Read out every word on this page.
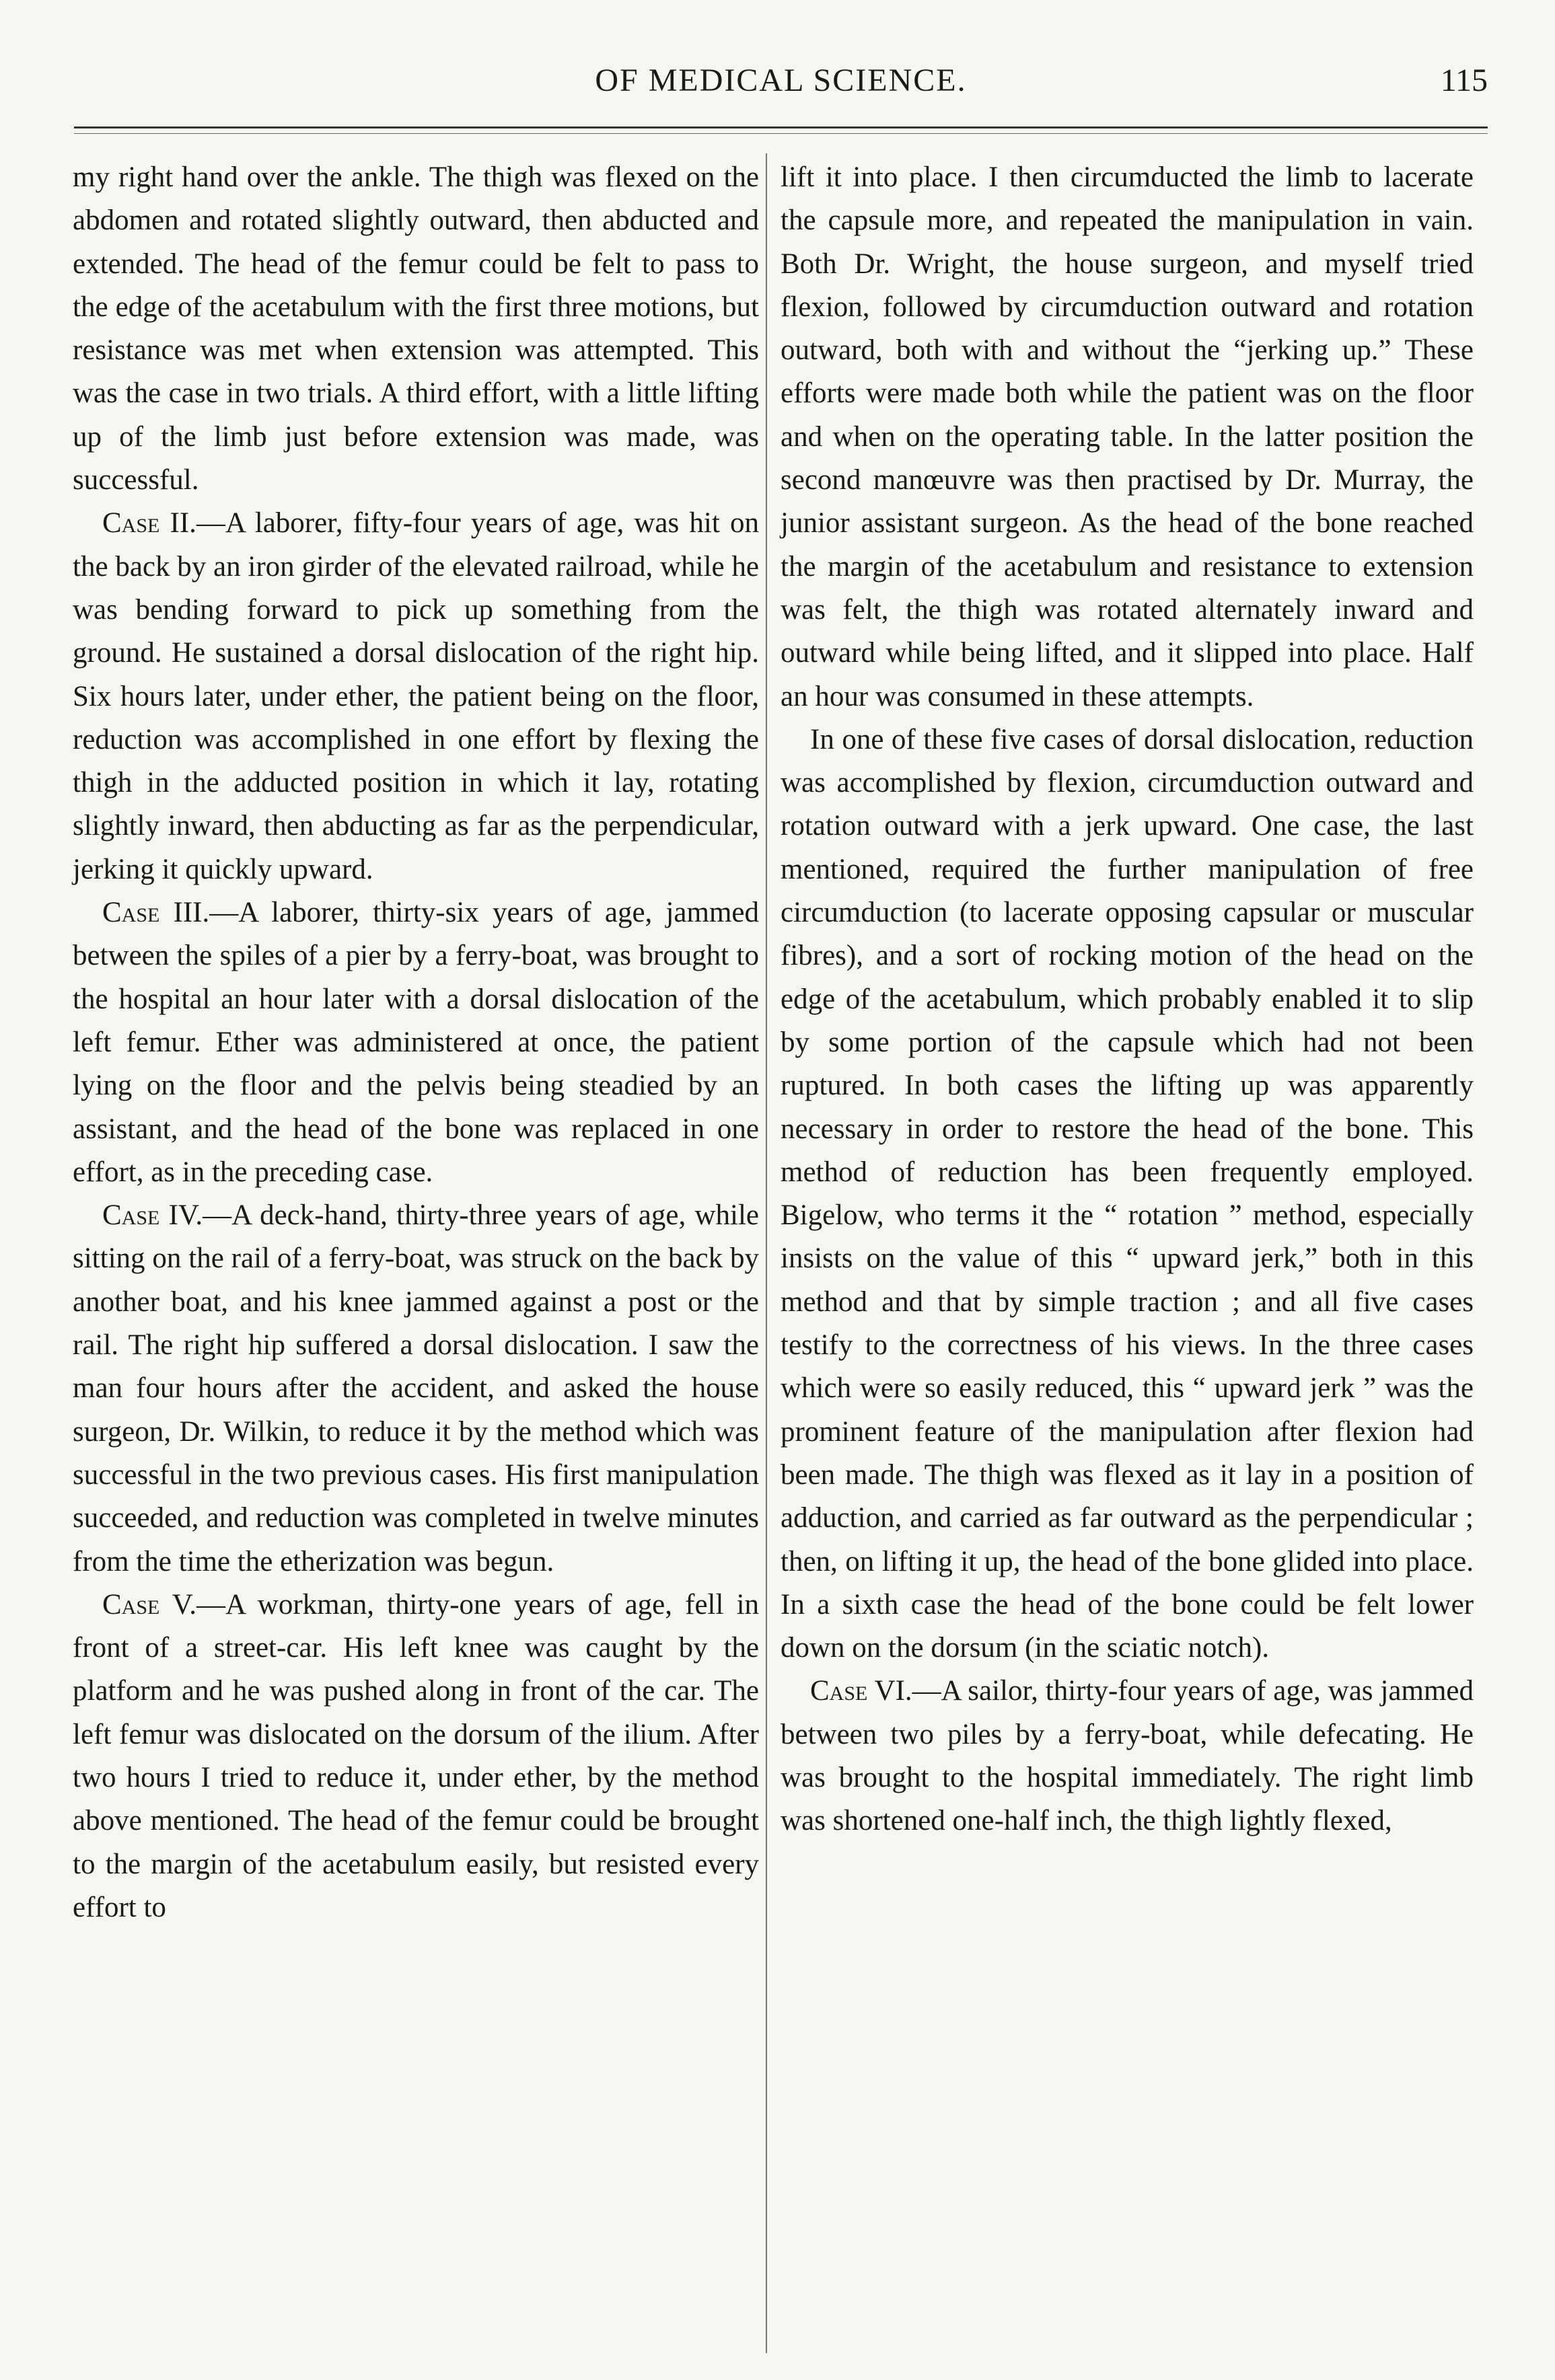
OF MEDICAL SCIENCE.	115

my right hand over the ankle. The thigh was flexed on the abdomen and rotated slightly outward, then abducted and extended. The head of the femur could be felt to pass to the edge of the acetabulum with the first three motions, but resistance was met when extension was attempted. This was the case in two trials. A third effort, with a little lifting up of the limb just before extension was made, was successful.

Case II.—A laborer, fifty-four years of age, was hit on the back by an iron girder of the elevated railroad, while he was bending forward to pick up something from the ground. He sustained a dorsal dislocation of the right hip. Six hours later, under ether, the patient being on the floor, reduction was accomplished in one effort by flexing the thigh in the adducted position in which it lay, rotating slightly inward, then abducting as far as the perpendicular, jerking it quickly upward.

Case III.—A laborer, thirty-six years of age, jammed between the spiles of a pier by a ferry-boat, was brought to the hospital an hour later with a dorsal dislocation of the left femur. Ether was administered at once, the patient lying on the floor and the pelvis being steadied by an assistant, and the head of the bone was replaced in one effort, as in the preceding case.

Case IV.—A deck-hand, thirty-three years of age, while sitting on the rail of a ferry-boat, was struck on the back by another boat, and his knee jammed against a post or the rail. The right hip suffered a dorsal dislocation. I saw the man four hours after the accident, and asked the house surgeon, Dr. Wilkin, to reduce it by the method which was successful in the two previous cases. His first manipulation succeeded, and reduction was completed in twelve minutes from the time the etherization was begun.

Case V.—A workman, thirty-one years of age, fell in front of a street-car. His left knee was caught by the platform and he was pushed along in front of the car. The left femur was dislocated on the dorsum of the ilium. After two hours I tried to reduce it, under ether, by the method above mentioned. The head of the femur could be brought to the margin of the acetabulum easily, but resisted every effort to

lift it into place. I then circumducted the limb to lacerate the capsule more, and repeated the manipulation in vain. Both Dr. Wright, the house surgeon, and myself tried flexion, followed by circumduction outward and rotation outward, both with and without the “jerking up.” These efforts were made both while the patient was on the floor and when on the operating table. In the latter position the second manœuvre was then practised by Dr. Murray, the junior assistant surgeon. As the head of the bone reached the margin of the acetabulum and resistance to extension was felt, the thigh was rotated alternately inward and outward while being lifted, and it slipped into place. Half an hour was consumed in these attempts.

In one of these five cases of dorsal dislocation, reduction was accomplished by flexion, circumduction outward and rotation outward with a jerk upward. One case, the last mentioned, required the further manipulation of free circumduction (to lacerate opposing capsular or muscular fibres), and a sort of rocking motion of the head on the edge of the acetabulum, which probably enabled it to slip by some portion of the capsule which had not been ruptured. In both cases the lifting up was apparently necessary in order to restore the head of the bone. This method of reduction has been frequently employed. Bigelow, who terms it the “ rotation ” method, especially insists on the value of this “ upward jerk,” both in this method and that by simple traction ; and all five cases testify to the correctness of his views. In the three cases which were so easily reduced, this “ upward jerk ” was the prominent feature of the manipulation after flexion had been made. The thigh was flexed as it lay in a position of adduction, and carried as far outward as the perpendicular ; then, on lifting it up, the head of the bone glided into place. In a sixth case the head of the bone could be felt lower down on the dorsum (in the sciatic notch).

Case VI.—A sailor, thirty-four years of age, was jammed between two piles by a ferry-boat, while defecating. He was brought to the hospital immediately. The right limb was shortened one-half inch, the thigh lightly flexed,
